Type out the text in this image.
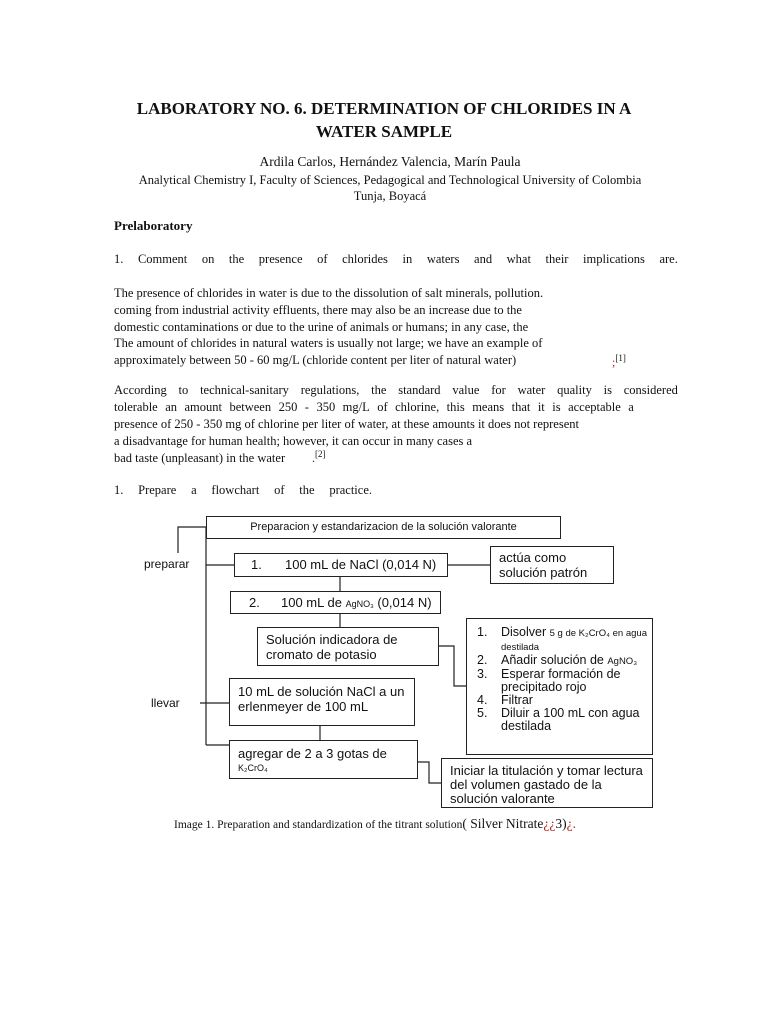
LABORATORY NO. 6. DETERMINATION OF CHLORIDES IN A
WATER SAMPLE
Ardila Carlos, Hernández Valencia, Marín Paula
Analytical Chemistry I, Faculty of Sciences, Pedagogical and Technological University of Colombia
Tunja, Boyacá
Prelaboratory
1. Comment on the presence of chlorides in waters and what their implications are.
The presence of chlorides in water is due to the dissolution of salt minerals, pollution.
coming from industrial activity effluents, there may also be an increase due to the
domestic contaminations or due to the urine of animals or humans; in any case, the
The amount of chlorides in natural waters is usually not large; we have an example of
approximately between 50 - 60 mg/L (chloride content per liter of natural water)	;[1]
According to technical-sanitary regulations, the standard value for water quality is considered
tolerable an amount between 250 - 350 mg/L of chlorine, this means that it is acceptable a
presence of 250 - 350 mg of chlorine per liter of water, at these amounts it does not represent
a disadvantage for human health; however, it can occur in many cases a
bad taste (unpleasant) in the water	.[2]
1. Prepare a flowchart of the practice.
Preparacion y estandarizacion de la solución valorante
preparar
llevar
1. 100 mL de NaCl (0,014 N)	actúa como solución patrón
2. 100 mL de AgNO₃ (0,014 N)
Solución indicadora de cromato de potasio
1. Disolver 5 g de K₂CrO₄ en agua destilada
2. Añadir solución de AgNO₃
3. Esperar formación de precipitado rojo
4. Filtrar
5. Diluir a 100 mL con agua destilada
10 mL de solución NaCl a un erlenmeyer de 100 mL
agregar de 2 a 3 gotas de
K₂CrO₄	Iniciar la titulación y tomar lectura del volumen gastado de la solución valorante
Image 1. Preparation and standardization of the titrant solution( Silver Nitrate¿¿3)¿.
